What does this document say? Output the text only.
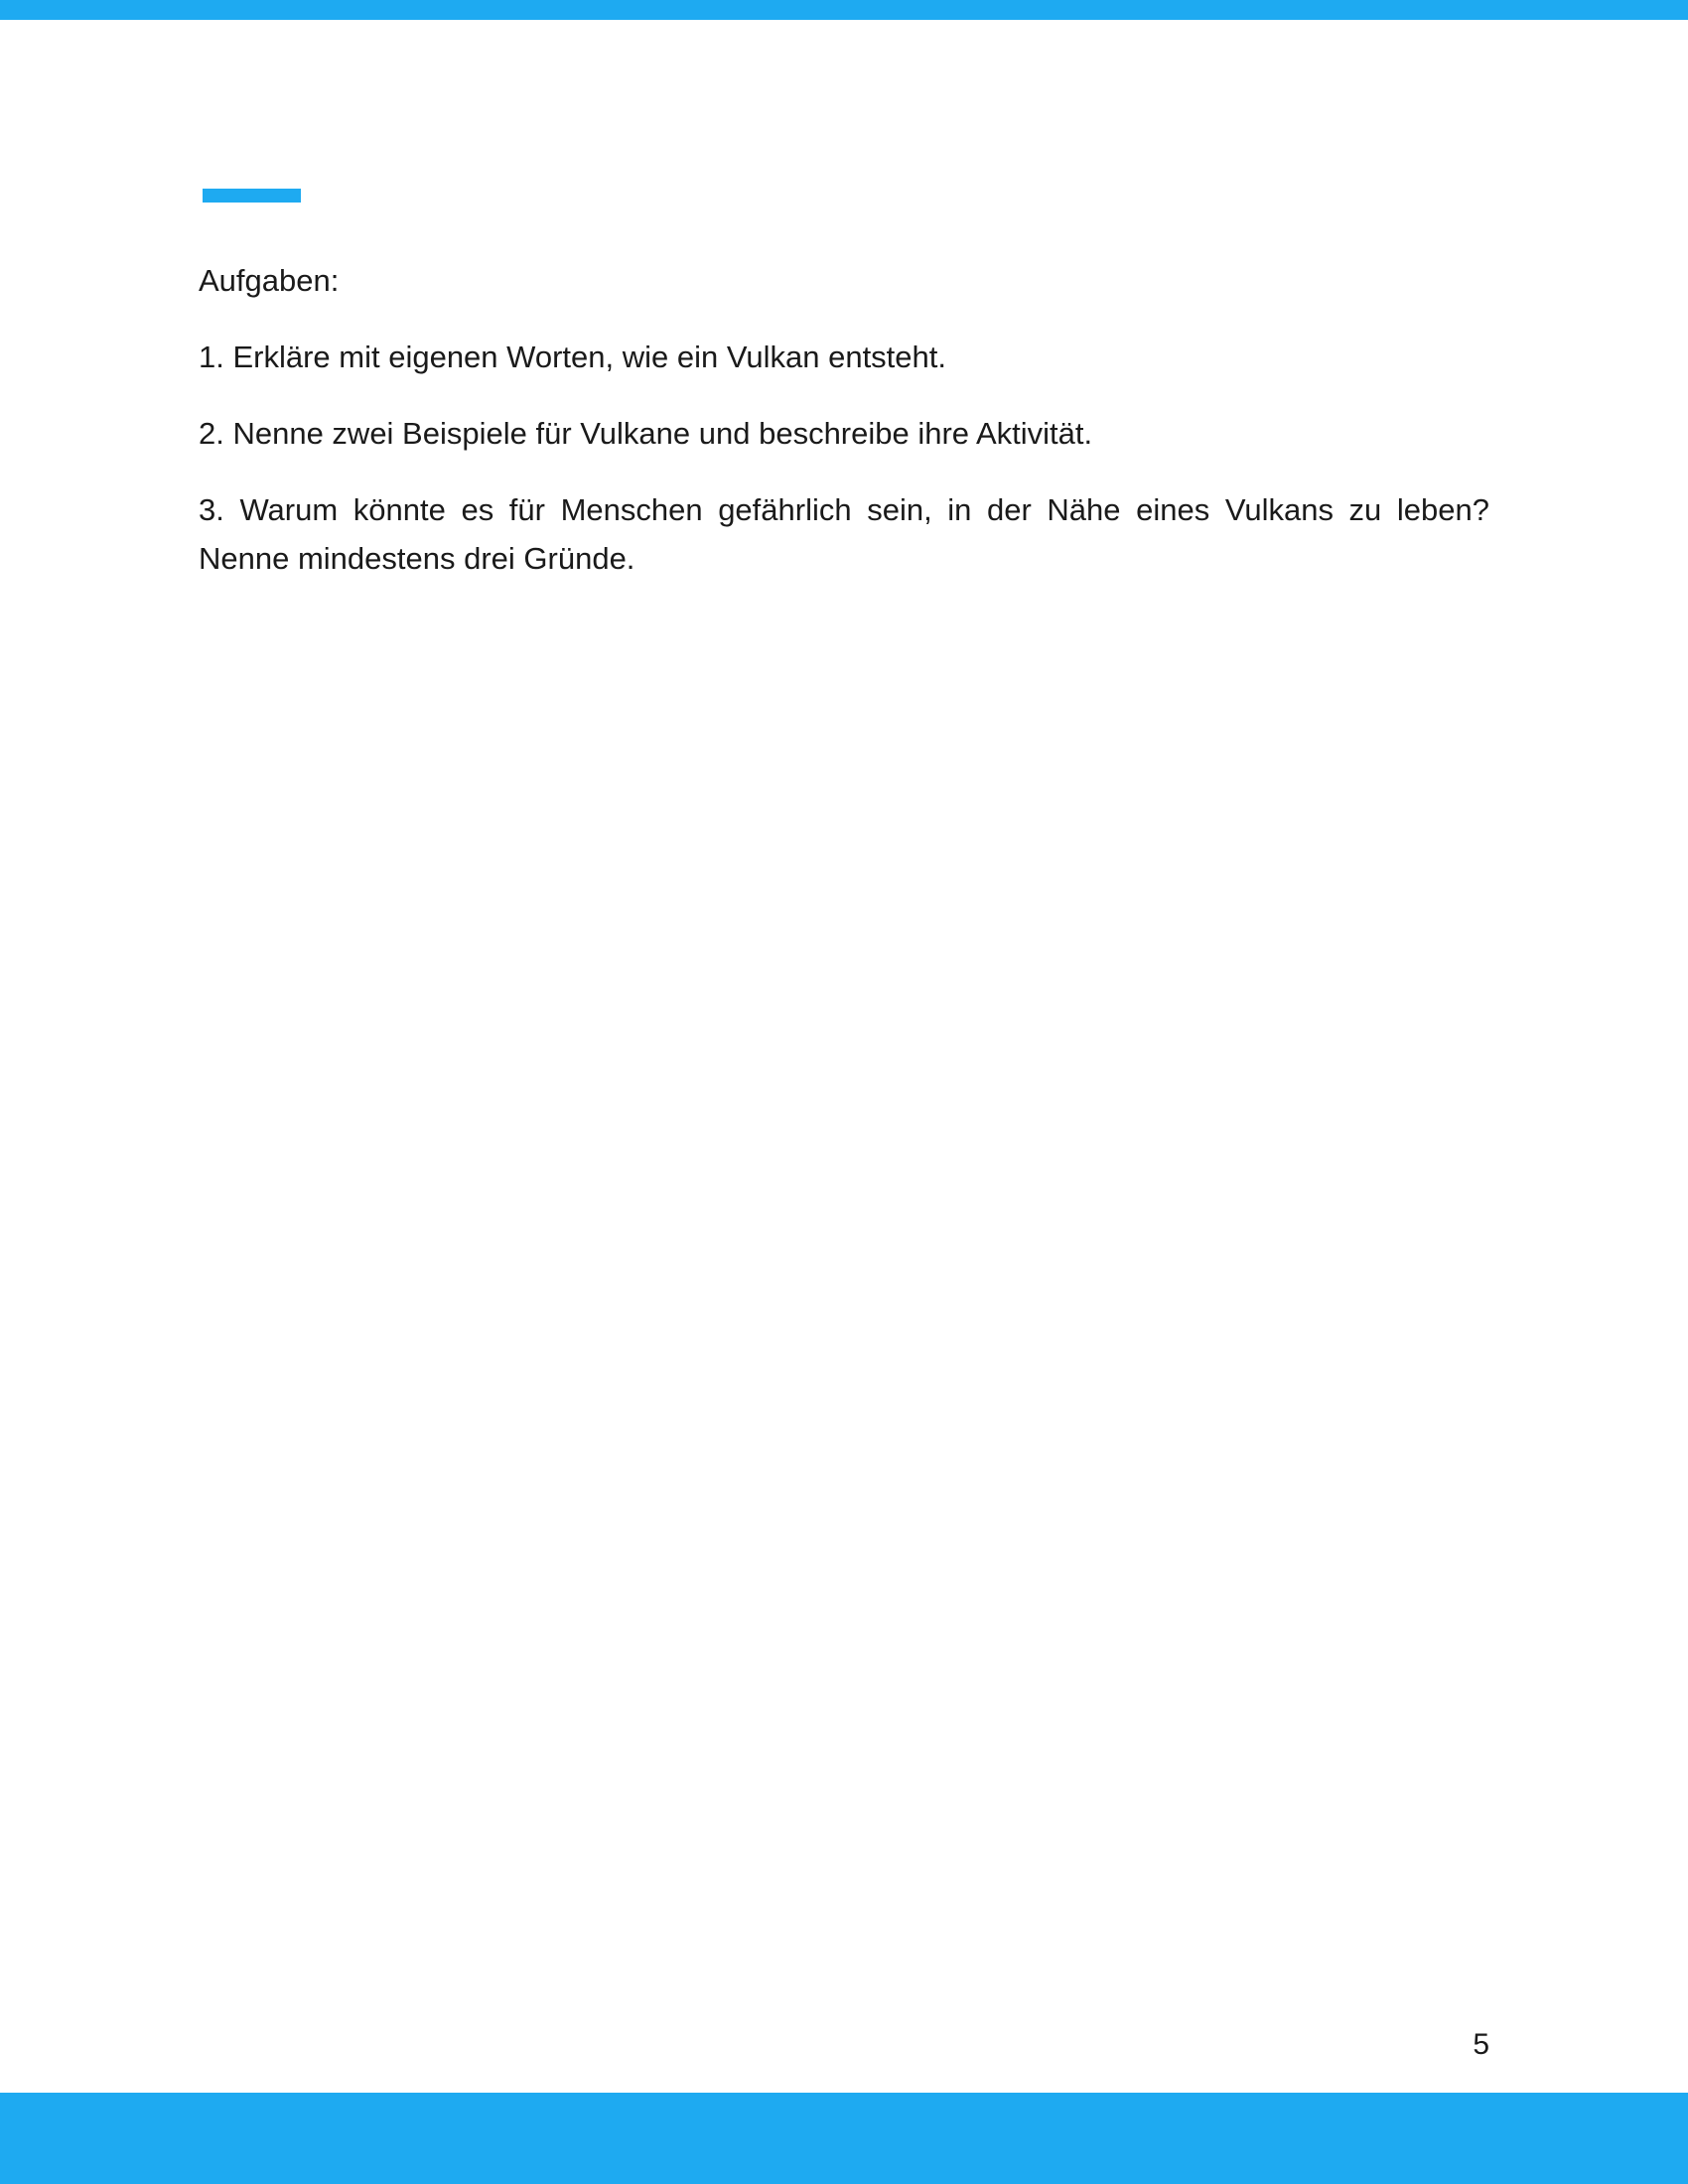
Aufgaben:

1. Erkläre mit eigenen Worten, wie ein Vulkan entsteht.

2. Nenne zwei Beispiele für Vulkane und beschreibe ihre Aktivität.

3. Warum könnte es für Menschen gefährlich sein, in der Nähe eines Vulkans zu leben? Nenne mindestens drei Gründe.

5
